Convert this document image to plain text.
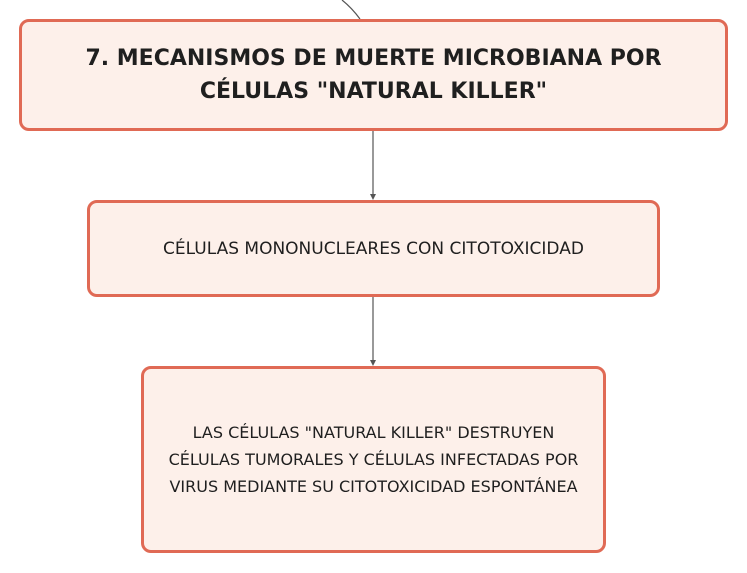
7. MECANISMOS DE MUERTE MICROBIANA POR CÉLULAS "NATURAL KILLER"
CÉLULAS MONONUCLEARES CON CITOTOXICIDAD
LAS CÉLULAS "NATURAL KILLER" DESTRUYEN CÉLULAS TUMORALES Y CÉLULAS INFECTADAS POR VIRUS MEDIANTE SU CITOTOXICIDAD ESPONTÁNEA
